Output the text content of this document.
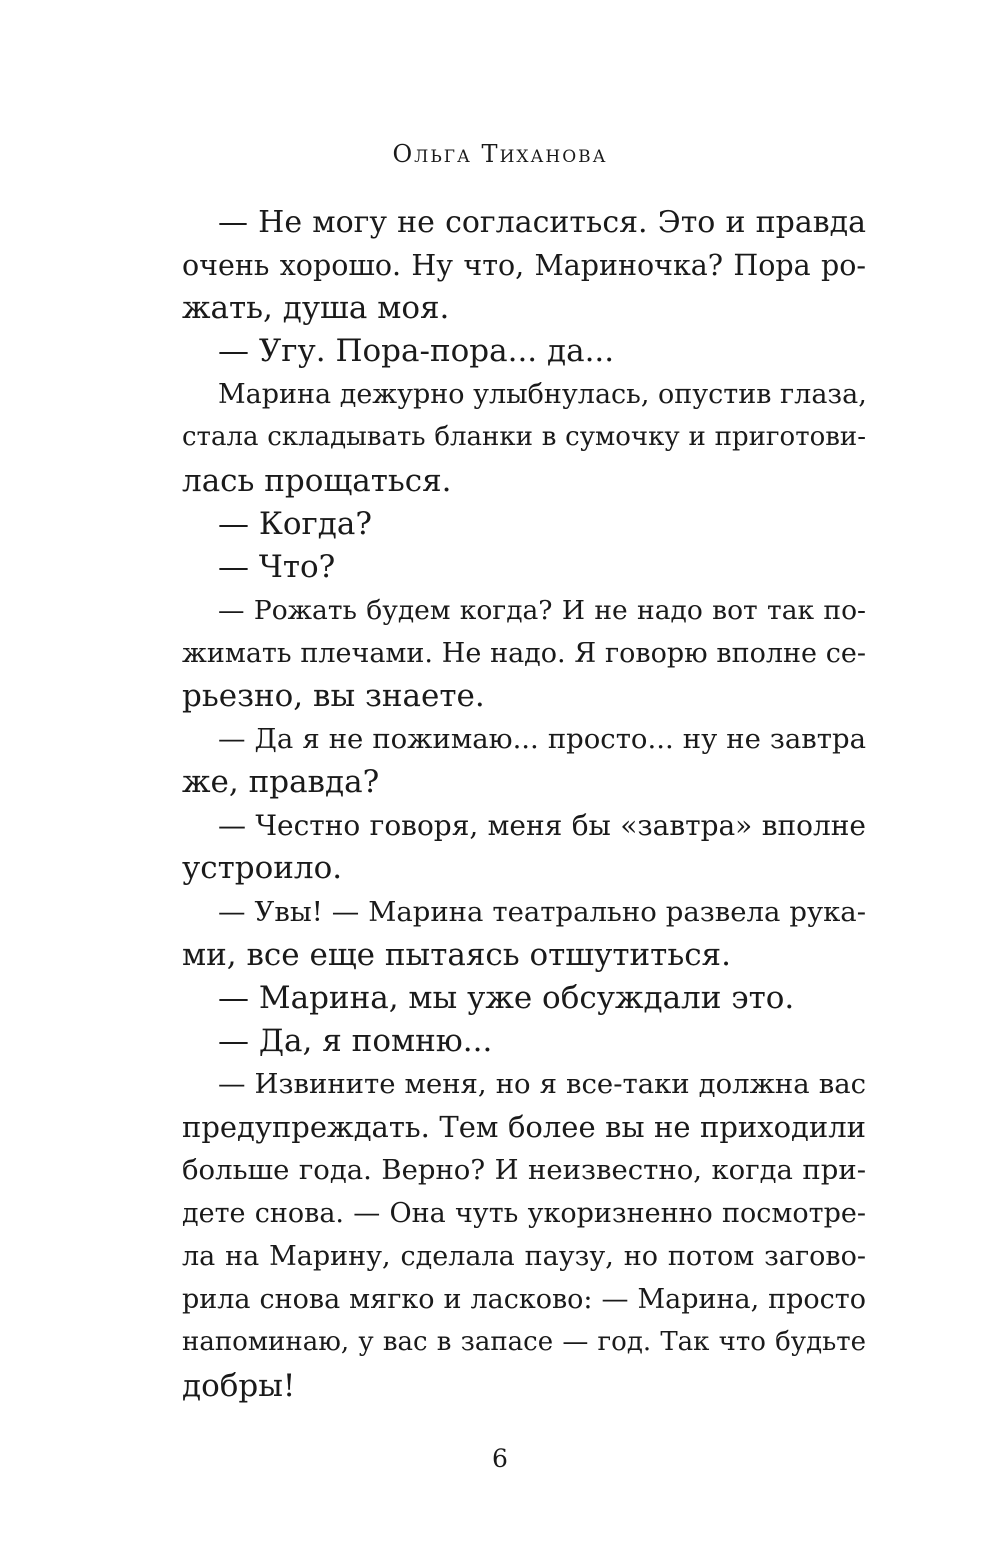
Ольга Тиханова
— Не могу не согласиться. Это и правда
очень хорошо. Ну что, Мариночка? Пора ро-
жать, душа моя.
— Угу. Пора-пора... да...
Марина дежурно улыбнулась, опустив глаза,
стала складывать бланки в сумочку и приготови-
лась прощаться.
— Когда?
— Что?
— Рожать будем когда? И не надо вот так по-
жимать плечами. Не надо. Я говорю вполне се-
рьезно, вы знаете.
— Да я не пожимаю... просто... ну не завтра
же, правда?
— Честно говоря, меня бы «завтра» вполне
устроило.
— Увы! — Марина театрально развела рука-
ми, все еще пытаясь отшутиться.
— Марина, мы уже обсуждали это.
— Да, я помню...
— Извините меня, но я все-таки должна вас
предупреждать. Тем более вы не приходили
больше года. Верно? И неизвестно, когда при-
дете снова. — Она чуть укоризненно посмотре-
ла на Марину, сделала паузу, но потом загово-
рила снова мягко и ласково: — Марина, просто
напоминаю, у вас в запасе — год. Так что будьте
добры!
6
